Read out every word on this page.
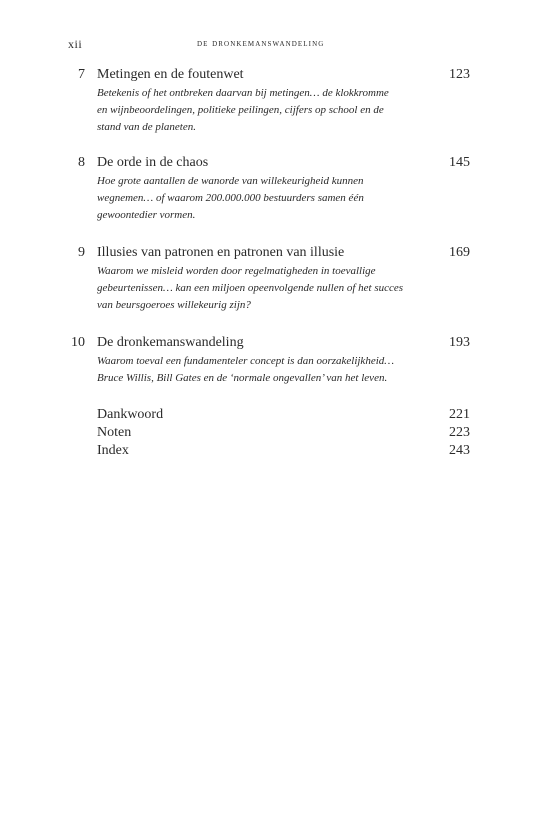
xii	de dronkemanswandeling
7 Metingen en de foutenwet	123
Betekenis of het ontbreken daarvan bij metingen… de klokkromme
en wijnbeoordelingen, politieke peilingen, cijfers op school en de
stand van de planeten.
8 De orde in de chaos	145
Hoe grote aantallen de wanorde van willekeurigheid kunnen
wegnemen… of waarom 200.000.000 bestuurders samen één
gewoontedier vormen.
9 Illusies van patronen en patronen van illusie	169
Waarom we misleid worden door regelmatigheden in toevallige
gebeurtenissen… kan een miljoen opeenvolgende nullen of het succes
van beursgoeroes willekeurig zijn?
10 De dronkemanswandeling	193
Waarom toeval een fundamenteler concept is dan oorzakelijkheid…
Bruce Willis, Bill Gates en de ‘normale ongevallen’ van het leven.
Dankwoord	221
Noten	223
Index	243
